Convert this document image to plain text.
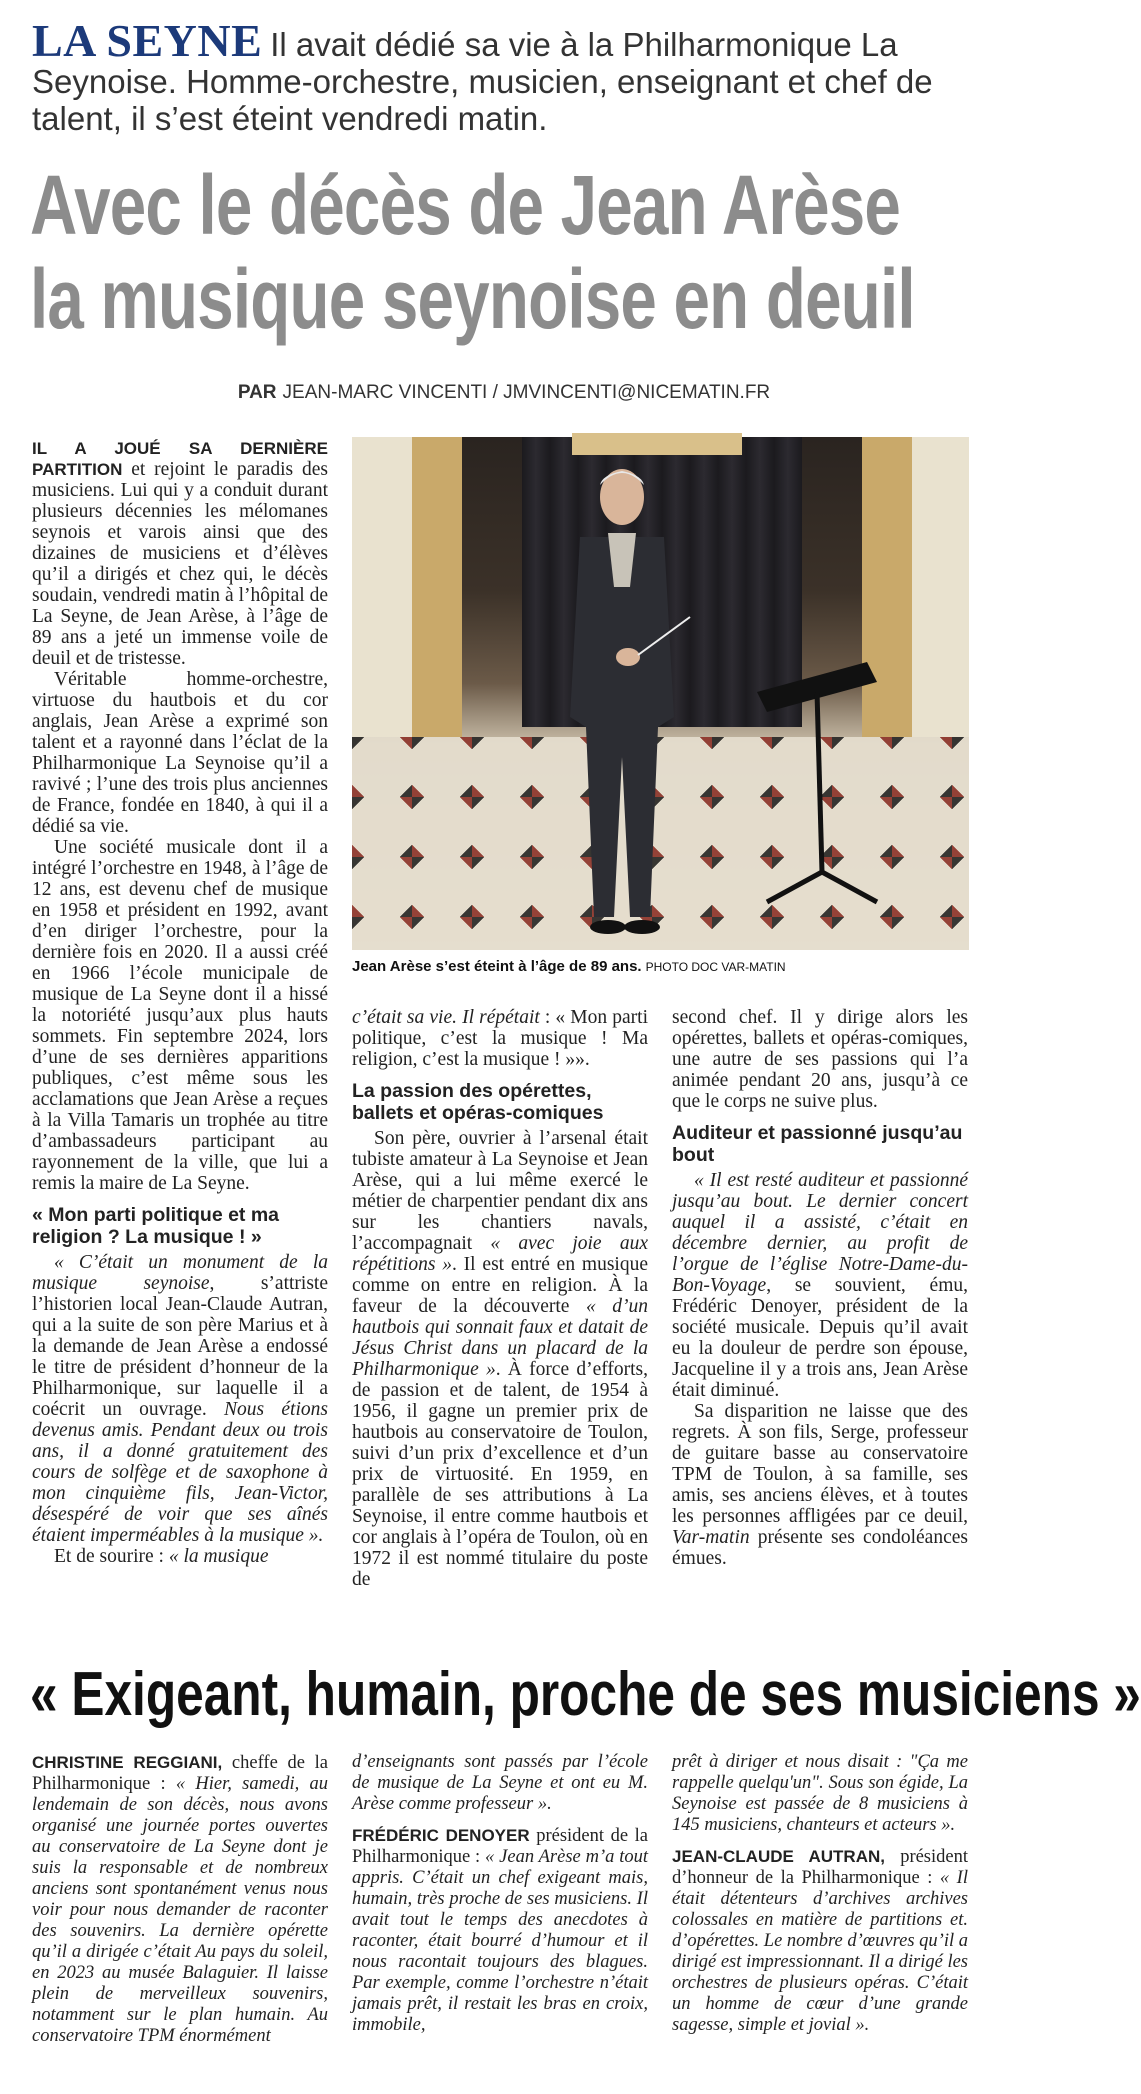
LA SEYNE Il avait dédié sa vie à la Philharmonique La Seynoise. Homme-orchestre, musicien, enseignant et chef de talent, il s’est éteint vendredi matin.
Avec le décès de Jean Arèse
la musique seynoise en deuil
PAR JEAN-MARC VINCENTI / JMVINCENTI@NICEMATIN.FR

IL A JOUÉ SA DERNIÈRE PARTITION et rejoint le paradis des musiciens. Lui qui y a conduit durant plusieurs décennies les mélomanes seynois et varois ainsi que des dizaines de musiciens et d’élèves qu’il a dirigés et chez qui, le décès soudain, vendredi matin à l’hôpital de La Seyne, de Jean Arèse, à l’âge de 89 ans a jeté un immense voile de deuil et de tristesse.

Véritable homme-orchestre, virtuose du hautbois et du cor anglais, Jean Arèse a exprimé son talent et a rayonné dans l’éclat de la Philharmonique La Seynoise qu’il a ravivé ; l’une des trois plus anciennes de France, fondée en 1840, à qui il a dédié sa vie.

Une société musicale dont il a intégré l’orchestre en 1948, à l’âge de 12 ans, est devenu chef de musique en 1958 et président en 1992, avant d’en diriger l’orchestre, pour la dernière fois en 2020. Il a aussi créé en 1966 l’école municipale de musique de La Seyne dont il a hissé la notoriété jusqu’aux plus hauts sommets. Fin septembre 2024, lors d’une de ses dernières apparitions publiques, c’est même sous les acclamations que Jean Arèse a reçues à la Villa Tamaris un trophée au titre d’ambassadeurs participant au rayonnement de la ville, que lui a remis la maire de La Seyne.

« Mon parti politique et ma religion ? La musique ! »

« C’était un monument de la musique seynoise, s’attriste l’historien local Jean-Claude Autran, qui a la suite de son père Marius et à la demande de Jean Arèse a endossé le titre de président d’honneur de la Philharmonique, sur laquelle il a coécrit un ouvrage. Nous étions devenus amis. Pendant deux ou trois ans, il a donné gratuitement des cours de solfège et de saxophone à mon cinquième fils, Jean-Victor, désespéré de voir que ses aînés étaient imperméables à la musique ».

Et de sourire : « la musique

Jean Arèse s’est éteint à l’âge de 89 ans. PHOTO DOC VAR-MATIN

c’était sa vie. Il répétait : « Mon parti politique, c’est la musique ! Ma religion, c’est la musique ! »».

La passion des opérettes, ballets et opéras-comiques

Son père, ouvrier à l’arsenal était tubiste amateur à La Seynoise et Jean Arèse, qui a lui même exercé le métier de charpentier pendant dix ans sur les chantiers navals, l’accompagnait « avec joie aux répétitions ». Il est entré en musique comme on entre en religion. À la faveur de la découverte « d’un hautbois qui sonnait faux et datait de Jésus Christ dans un placard de la Philharmonique ». À force d’efforts, de passion et de talent, de 1954 à 1956, il gagne un premier prix de hautbois au conservatoire de Toulon, suivi d’un prix d’excellence et d’un prix de virtuosité. En 1959, en parallèle de ses attributions à La Seynoise, il entre comme hautbois et cor anglais à l’opéra de Toulon, où en 1972 il est nommé titulaire du poste de

second chef. Il y dirige alors les opérettes, ballets et opéras-comiques, une autre de ses passions qui l’a animée pendant 20 ans, jusqu’à ce que le corps ne suive plus.

Auditeur et passionné jusqu’au bout

« Il est resté auditeur et passionné jusqu’au bout. Le dernier concert auquel il a assisté, c’était en décembre dernier, au profit de l’orgue de l’église Notre-Dame-du-Bon-Voyage, se souvient, ému, Frédéric Denoyer, président de la société musicale. Depuis qu’il avait eu la douleur de perdre son épouse, Jacqueline il y a trois ans, Jean Arèse était diminué.

Sa disparition ne laisse que des regrets. À son fils, Serge, professeur de guitare basse au conservatoire TPM de Toulon, à sa famille, ses amis, ses anciens élèves, et à toutes les personnes affligées par ce deuil, Var-matin présente ses condoléances émues.

« Exigeant, humain, proche de ses musiciens »

CHRISTINE REGGIANI, cheffe de la Philharmonique : « Hier, samedi, au lendemain de son décès, nous avons organisé une journée portes ouvertes au conservatoire de La Seyne dont je suis la responsable et de nombreux anciens sont spontanément venus nous voir pour nous demander de raconter des souvenirs. La dernière opérette qu’il a dirigée c’était Au pays du soleil, en 2023 au musée Balaguier. Il laisse plein de merveilleux souvenirs, notamment sur le plan humain. Au conservatoire TPM énormément

d’enseignants sont passés par l’école de musique de La Seyne et ont eu M. Arèse comme professeur ».

FRÉDÉRIC DENOYER président de la Philharmonique : « Jean Arèse m’a tout appris. C’était un chef exigeant mais, humain, très proche de ses musiciens. Il avait tout le temps des anecdotes à raconter, était bourré d’humour et il nous racontait toujours des blagues. Par exemple, comme l’orchestre n’était jamais prêt, il restait les bras en croix, immobile,

prêt à diriger et nous disait : "Ça me rappelle quelqu'un". Sous son égide, La Seynoise est passée de 8 musiciens à 145 musiciens, chanteurs et acteurs ».

JEAN-CLAUDE AUTRAN, président d’honneur de la Philharmonique : « Il était détenteurs d’archives archives colossales en matière de partitions et. d’opérettes. Le nombre d’œuvres qu’il a dirigé est impressionnant. Il a dirigé les orchestres de plusieurs opéras. C’était un homme de cœur d’une grande sagesse, simple et jovial ».
